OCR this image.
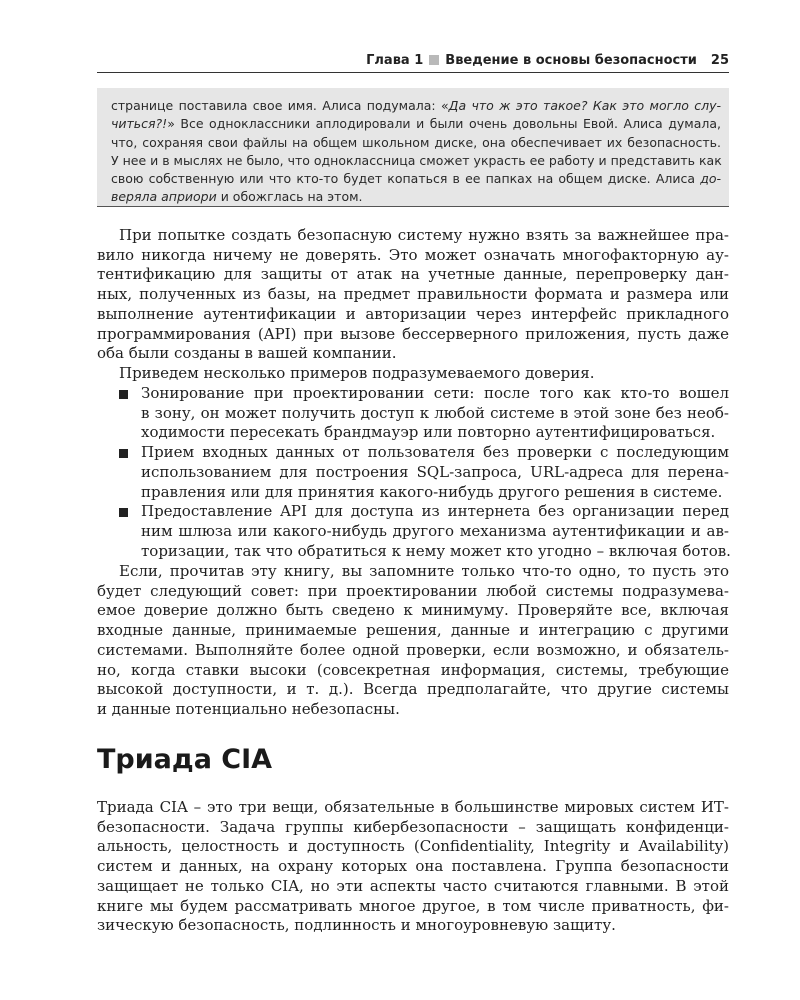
Глава 1 Введение в основы безопасности 25
страницe поставила свое имя. Алиса подумала: «Да что ж это такое? Как это могло слу-
читься?!» Все одноклассники аплодировали и были очень довольны Евой. Алиса думала,
что, сохраняя свои файлы на общем школьном диске, она обеспечивает их безопасность.
У нее и в мыслях не было, что одноклассница сможет украсть ее работу и представить как
свою собственную или что кто-то будет копаться в ее папках на общем диске. Алиса до-
веряла априори и обожглась на этом.
При попытке создать безопасную систему нужно взять за важнейшее пра-
вило никогда ничему не доверять. Это может означать многофакторную ау-
тентификацию для защиты от атак на учетные данные, перепроверку дан-
ных, полученных из базы, на предмет правильности формата и размера или
выполнение аутентификации и авторизации через интерфейс прикладного
программирования (API) при вызове бессерверного приложения, пусть даже
оба были созданы в вашей компании.
Приведем несколько примеров подразумеваемого доверия.
Зонирование при проектировании сети: после того как кто-то вошел
в зону, он может получить доступ к любой системе в этой зоне без необ-
ходимости пересекать брандмауэр или повторно аутентифицироваться.
Прием входных данных от пользователя без проверки с последующим
использованием для построения SQL-запроса, URL-адреса для перена-
правления или для принятия какого-нибудь другого решения в системе.
Предоставление API для доступа из интернета без организации перед
ним шлюза или какого-нибудь другого механизма аутентификации и ав-
торизации, так что обратиться к нему может кто угодно – включая ботов.
Если, прочитав эту книгу, вы запомните только что-то одно, то пусть это
будет следующий совет: при проектировании любой системы подразумева-
емое доверие должно быть сведено к минимуму. Проверяйте все, включая
входные данные, принимаемые решения, данные и интеграцию с другими
системами. Выполняйте более одной проверки, если возможно, и обязатель-
но, когда ставки высоки (совсекретная информация, системы, требующие
высокой доступности, и т. д.). Всегда предполагайте, что другие системы
и данные потенциально небезопасны.
Триада CIA
Триада CIA – это три вещи, обязательные в большинстве мировых систем ИТ-
безопасности. Задача группы кибербезопасности – защищать конфиденци-
альность, целостность и доступность (Confidentiality, Integrity и Availability)
систем и данных, на охрану которых она поставлена. Группа безопасности
защищает не только CIA, но эти аспекты часто считаются главными. В этой
книге мы будем рассматривать многое другое, в том числе приватность, фи-
зическую безопасность, подлинность и многоуровневую защиту.
